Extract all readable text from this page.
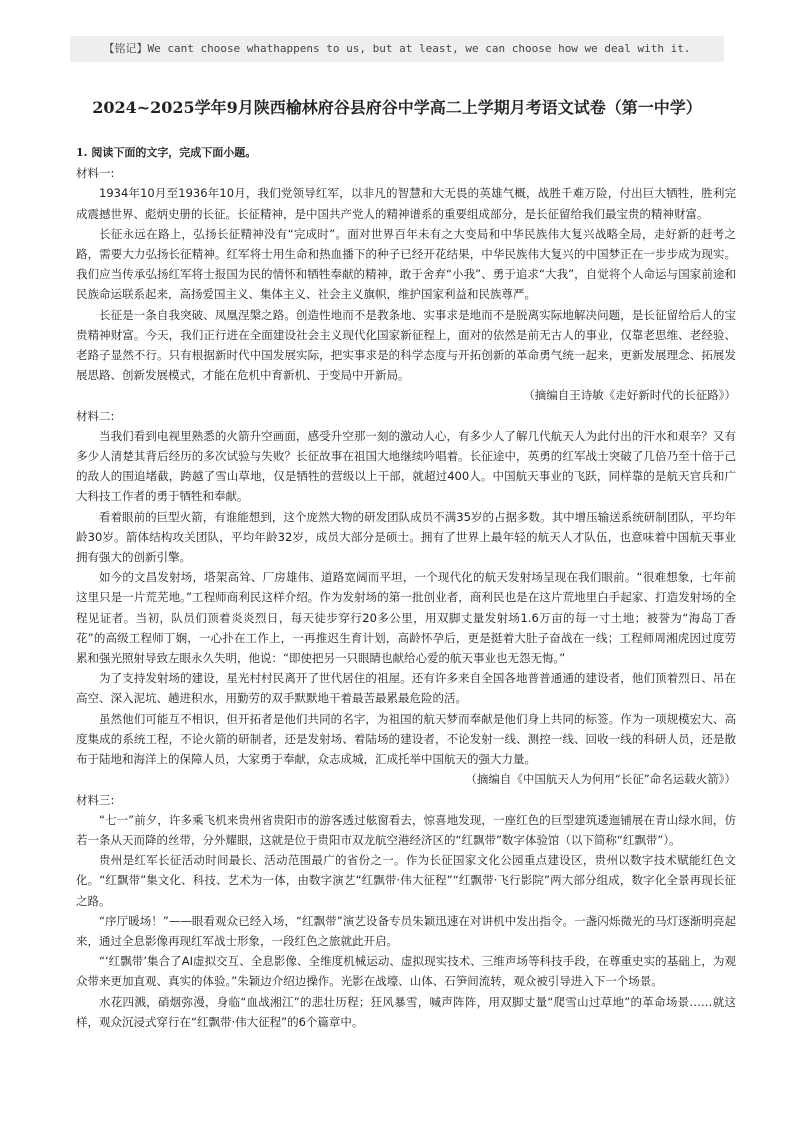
【铭记】We cant choose whathappens to us, but at least, we can choose how we deal with it.
2024~2025学年9月陕西榆林府谷县府谷中学高二上学期月考语文试卷（第一中学）

1. 阅读下面的文字，完成下面小题。

材料一:

1934年10月至1936年10月，我们党领导红军，以非凡的智慧和大无畏的英雄气概，战胜千难万险，付出巨大牺牲，胜利完成震撼世界、彪炳史册的长征。长征精神，是中国共产党人的精神谱系的重要组成部分，是长征留给我们最宝贵的精神财富。

长征永远在路上，弘扬长征精神没有“完成时”。面对世界百年未有之大变局和中华民族伟大复兴战略全局，走好新的赶考之路，需要大力弘扬长征精神。红军将士用生命和热血播下的种子已经开花结果，中华民族伟大复兴的中国梦正在一步步成为现实。我们应当传承弘扬红军将士报国为民的情怀和牺牲奉献的精神，敢于舍弃“小我”、勇于追求“大我”，自觉将个人命运与国家前途和民族命运联系起来，高扬爱国主义、集体主义、社会主义旗帜，维护国家利益和民族尊严。

长征是一条自我突破、凤凰涅槃之路。创造性地而不是教条地、实事求是地而不是脱离实际地解决问题，是长征留给后人的宝贵精神财富。今天，我们正行进在全面建设社会主义现代化国家新征程上，面对的依然是前无古人的事业，仅靠老思维、老经验、老路子显然不行。只有根据新时代中国发展实际，把实事求是的科学态度与开拓创新的革命勇气统一起来，更新发展理念、拓展发展思路、创新发展模式，才能在危机中育新机、于变局中开新局。

（摘编自王诗敏《走好新时代的长征路》）

材料二:

当我们看到电视里熟悉的火箭升空画面，感受升空那一刻的激动人心，有多少人了解几代航天人为此付出的汗水和艰辛？又有多少人清楚其背后经历的多次试验与失败？长征故事在祖国大地继续吟唱着。长征途中，英勇的红军战士突破了几倍乃至十倍于己的敌人的围追堵截，跨越了雪山草地，仅是牺牲的营级以上干部，就超过400人。中国航天事业的飞跃，同样靠的是航天官兵和广大科技工作者的勇于牺牲和奉献。

看着眼前的巨型火箭，有谁能想到，这个庞然大物的研发团队成员不满35岁的占据多数。其中增压输送系统研制团队，平均年龄30岁。箭体结构攻关团队，平均年龄32岁，成员大部分是硕士。拥有了世界上最年轻的航天人才队伍，也意味着中国航天事业拥有强大的创新引擎。

如今的文昌发射场，塔架高耸、厂房雄伟、道路宽阔而平坦，一个现代化的航天发射场呈现在我们眼前。“很难想象，七年前这里只是一片荒芜地。”工程师商利民这样介绍。作为发射场的第一批创业者，商利民也是在这片荒地里白手起家、打造发射场的全程见证者。当初，队员们顶着炎炎烈日，每天徒步穿行20多公里，用双脚丈量发射场1.6万亩的每一寸土地；被誉为“海岛丁香花”的高级工程师丁娴，一心扑在工作上，一再推迟生育计划，高龄怀孕后，更是挺着大肚子奋战在一线；工程师周湘虎因过度劳累和强光照射导致左眼永久失明，他说：“即使把另一只眼睛也献给心爱的航天事业也无怨无悔。”

为了支持发射场的建设，星光村村民离开了世代居住的祖屋。还有许多来自全国各地普普通通的建设者，他们顶着烈日、吊在高空、深入泥坑、趟进积水，用勤劳的双手默默地干着最苦最累最危险的活。

虽然他们可能互不相识，但开拓者是他们共同的名字，为祖国的航天梦而奉献是他们身上共同的标签。作为一项规模宏大、高度集成的系统工程，不论火箭的研制者，还是发射场、着陆场的建设者，不论发射一线、测控一线、回收一线的科研人员，还是散布于陆地和海洋上的保障人员，大家勇于奉献，众志成城，汇成托举中国航天的强大力量。

（摘编自《中国航天人为何用“长征”命名运载火箭》）

材料三:

“七一”前夕，许多乘飞机来贵州省贵阳市的游客透过舷窗看去，惊喜地发现，一座红色的巨型建筑逶迤铺展在青山绿水间，仿若一条从天而降的丝带，分外耀眼，这就是位于贵阳市双龙航空港经济区的“红飘带”数字体验馆（以下简称“红飘带”）。

贵州是红军长征活动时间最长、活动范围最广的省份之一。作为长征国家文化公园重点建设区，贵州以数字技术赋能红色文化。“红飘带”集文化、科技、艺术为一体，由数字演艺“红飘带·伟大征程”“红飘带·飞行影院”两大部分组成，数字化全景再现长征之路。

“序厅暖场！”——眼看观众已经入场，“红飘带”演艺设备专员朱颖迅速在对讲机中发出指令。一盏闪烁微光的马灯逐渐明亮起来，通过全息影像再现红军战士形象，一段红色之旅就此开启。

“‘红飘带’集合了AI虚拟交互、全息影像、全维度机械运动、虚拟现实技术、三维声场等科技手段，在尊重史实的基础上，为观众带来更加直观、真实的体验。”朱颖边介绍边操作。光影在战壕、山体、石笋间流转，观众被引导进入下一个场景。

水花四溅，硝烟弥漫，身临“血战湘江”的悲壮历程；狂风暴雪，喊声阵阵，用双脚丈量“爬雪山过草地”的革命场景……就这样，观众沉浸式穿行在“红飘带·伟大征程”的6个篇章中。
